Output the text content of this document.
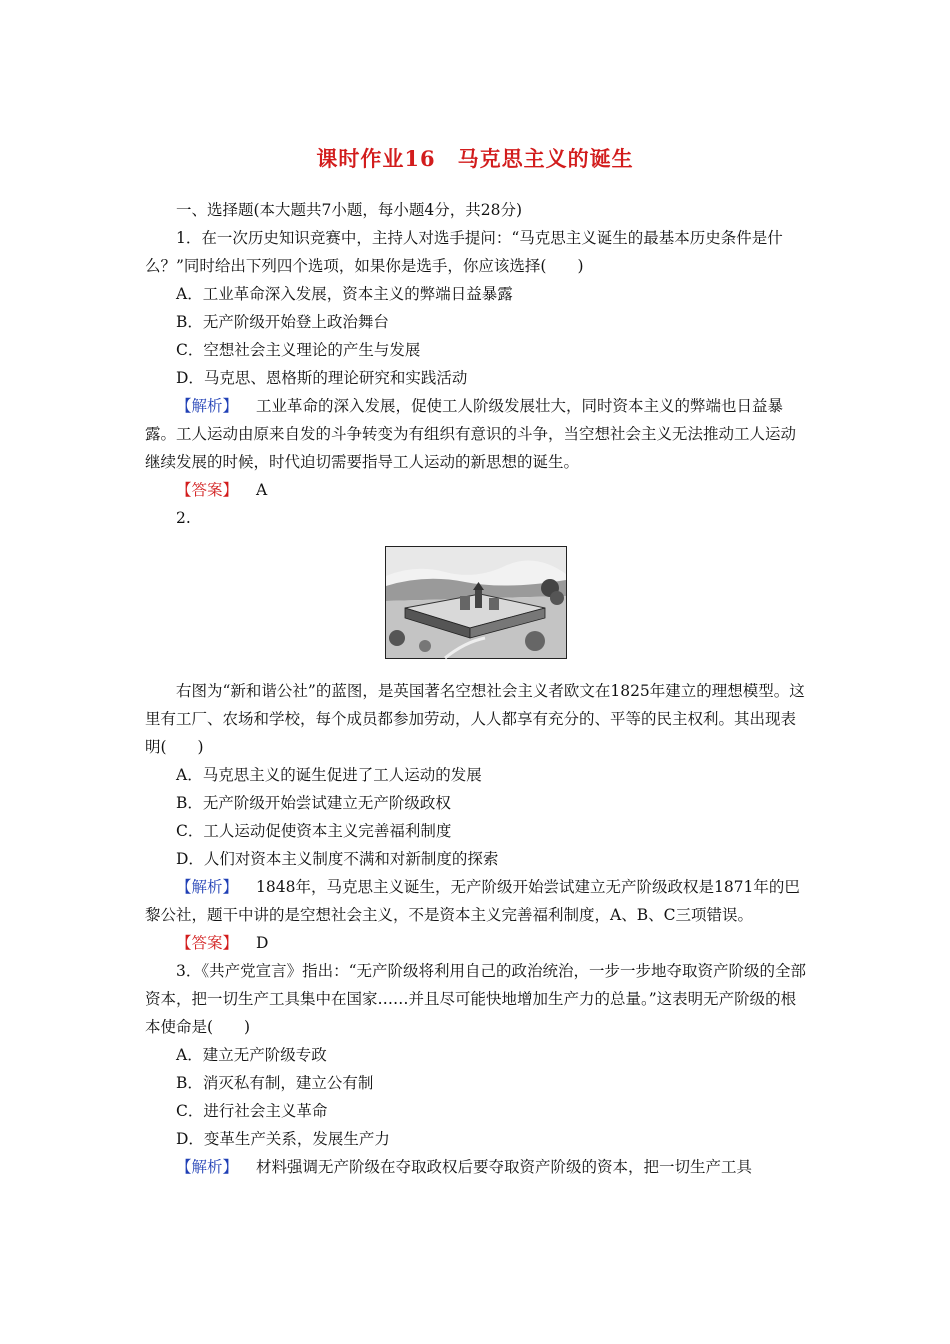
课时作业16　马克思主义的诞生

一、选择题(本大题共7小题，每小题4分，共28分)

1．在一次历史知识竞赛中，主持人对选手提问：“马克思主义诞生的最基本历史条件是什么？”同时给出下列四个选项，如果你是选手，你应该选择(　　)

A．工业革命深入发展，资本主义的弊端日益暴露

B．无产阶级开始登上政治舞台

C．空想社会主义理论的产生与发展

D．马克思、恩格斯的理论研究和实践活动

【解析】 工业革命的深入发展，促使工人阶级发展壮大，同时资本主义的弊端也日益暴露。工人运动由原来自发的斗争转变为有组织有意识的斗争，当空想社会主义无法推动工人运动继续发展的时候，时代迫切需要指导工人运动的新思想的诞生。

【答案】 A

2.

右图为“新和谐公社”的蓝图，是英国著名空想社会主义者欧文在1825年建立的理想模型。这里有工厂、农场和学校，每个成员都参加劳动，人人都享有充分的、平等的民主权利。其出现表明(　　)

A．马克思主义的诞生促进了工人运动的发展

B．无产阶级开始尝试建立无产阶级政权

C．工人运动促使资本主义完善福利制度

D．人们对资本主义制度不满和对新制度的探索

【解析】 1848年，马克思主义诞生，无产阶级开始尝试建立无产阶级政权是1871年的巴黎公社，题干中讲的是空想社会主义，不是资本主义完善福利制度，A、B、C三项错误。

【答案】 D

3．《共产党宣言》指出：“无产阶级将利用自己的政治统治，一步一步地夺取资产阶级的全部资本，把一切生产工具集中在国家……并且尽可能快地增加生产力的总量。”这表明无产阶级的根本使命是(　　)

A．建立无产阶级专政

B．消灭私有制，建立公有制

C．进行社会主义革命

D．变革生产关系，发展生产力

【解析】 材料强调无产阶级在夺取政权后要夺取资产阶级的资本，把一切生产工具
